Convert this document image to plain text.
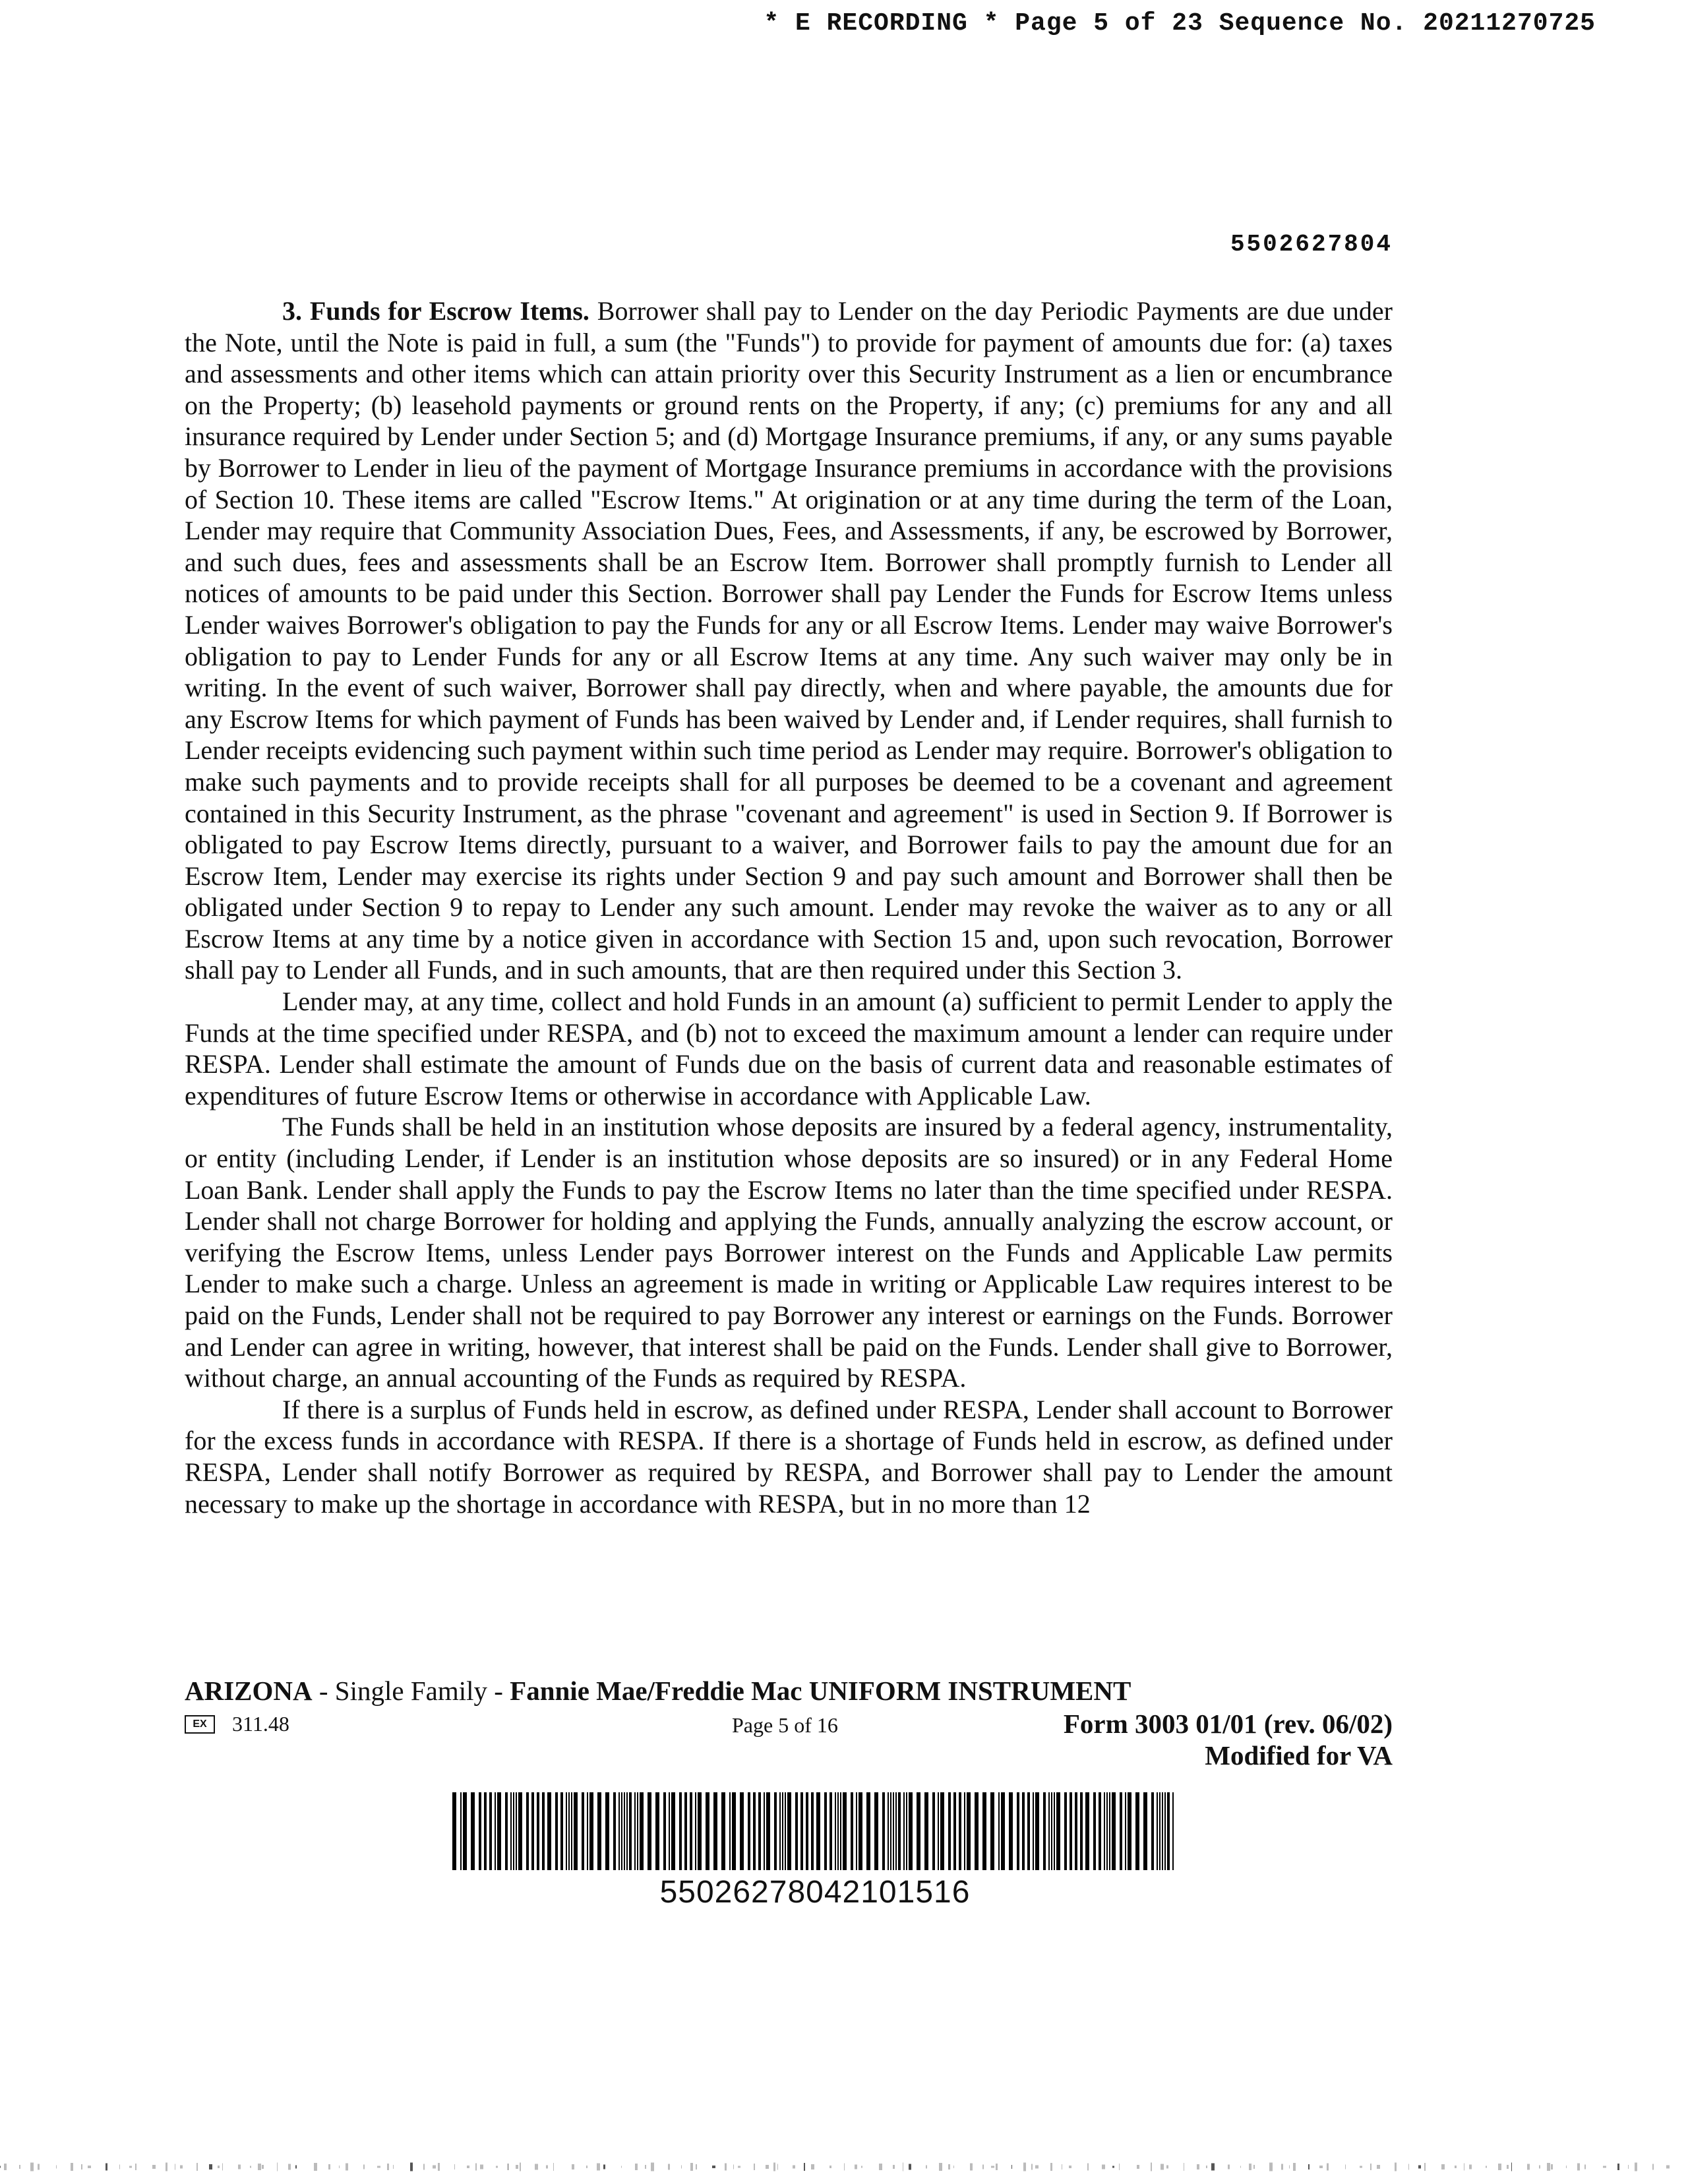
* E RECORDING * Page 5 of 23 Sequence No. 20211270725
5502627804

3. Funds for Escrow Items. Borrower shall pay to Lender on the day Periodic Payments are due under the Note, until the Note is paid in full, a sum (the "Funds") to provide for payment of amounts due for: (a) taxes and assessments and other items which can attain priority over this Security Instrument as a lien or encumbrance on the Property; (b) leasehold payments or ground rents on the Property, if any; (c) premiums for any and all insurance required by Lender under Section 5; and (d) Mortgage Insurance premiums, if any, or any sums payable by Borrower to Lender in lieu of the payment of Mortgage Insurance premiums in accordance with the provisions of Section 10. These items are called "Escrow Items." At origination or at any time during the term of the Loan, Lender may require that Community Association Dues, Fees, and Assessments, if any, be escrowed by Borrower, and such dues, fees and assessments shall be an Escrow Item. Borrower shall promptly furnish to Lender all notices of amounts to be paid under this Section. Borrower shall pay Lender the Funds for Escrow Items unless Lender waives Borrower's obligation to pay the Funds for any or all Escrow Items. Lender may waive Borrower's obligation to pay to Lender Funds for any or all Escrow Items at any time. Any such waiver may only be in writing. In the event of such waiver, Borrower shall pay directly, when and where payable, the amounts due for any Escrow Items for which payment of Funds has been waived by Lender and, if Lender requires, shall furnish to Lender receipts evidencing such payment within such time period as Lender may require. Borrower's obligation to make such payments and to provide receipts shall for all purposes be deemed to be a covenant and agreement contained in this Security Instrument, as the phrase "covenant and agreement" is used in Section 9. If Borrower is obligated to pay Escrow Items directly, pursuant to a waiver, and Borrower fails to pay the amount due for an Escrow Item, Lender may exercise its rights under Section 9 and pay such amount and Borrower shall then be obligated under Section 9 to repay to Lender any such amount. Lender may revoke the waiver as to any or all Escrow Items at any time by a notice given in accordance with Section 15 and, upon such revocation, Borrower shall pay to Lender all Funds, and in such amounts, that are then required under this Section 3.

Lender may, at any time, collect and hold Funds in an amount (a) sufficient to permit Lender to apply the Funds at the time specified under RESPA, and (b) not to exceed the maximum amount a lender can require under RESPA. Lender shall estimate the amount of Funds due on the basis of current data and reasonable estimates of expenditures of future Escrow Items or otherwise in accordance with Applicable Law.

The Funds shall be held in an institution whose deposits are insured by a federal agency, instrumentality, or entity (including Lender, if Lender is an institution whose deposits are so insured) or in any Federal Home Loan Bank. Lender shall apply the Funds to pay the Escrow Items no later than the time specified under RESPA. Lender shall not charge Borrower for holding and applying the Funds, annually analyzing the escrow account, or verifying the Escrow Items, unless Lender pays Borrower interest on the Funds and Applicable Law permits Lender to make such a charge. Unless an agreement is made in writing or Applicable Law requires interest to be paid on the Funds, Lender shall not be required to pay Borrower any interest or earnings on the Funds. Borrower and Lender can agree in writing, however, that interest shall be paid on the Funds. Lender shall give to Borrower, without charge, an annual accounting of the Funds as required by RESPA.

If there is a surplus of Funds held in escrow, as defined under RESPA, Lender shall account to Borrower for the excess funds in accordance with RESPA. If there is a shortage of Funds held in escrow, as defined under RESPA, Lender shall notify Borrower as required by RESPA, and Borrower shall pay to Lender the amount necessary to make up the shortage in accordance with RESPA, but in no more than 12

ARIZONA - Single Family - Fannie Mae/Freddie Mac UNIFORM INSTRUMENT
EX	311.48	Page 5 of 16	Form 3003 01/01 (rev. 06/02)
Modified for VA
55026278042101516
